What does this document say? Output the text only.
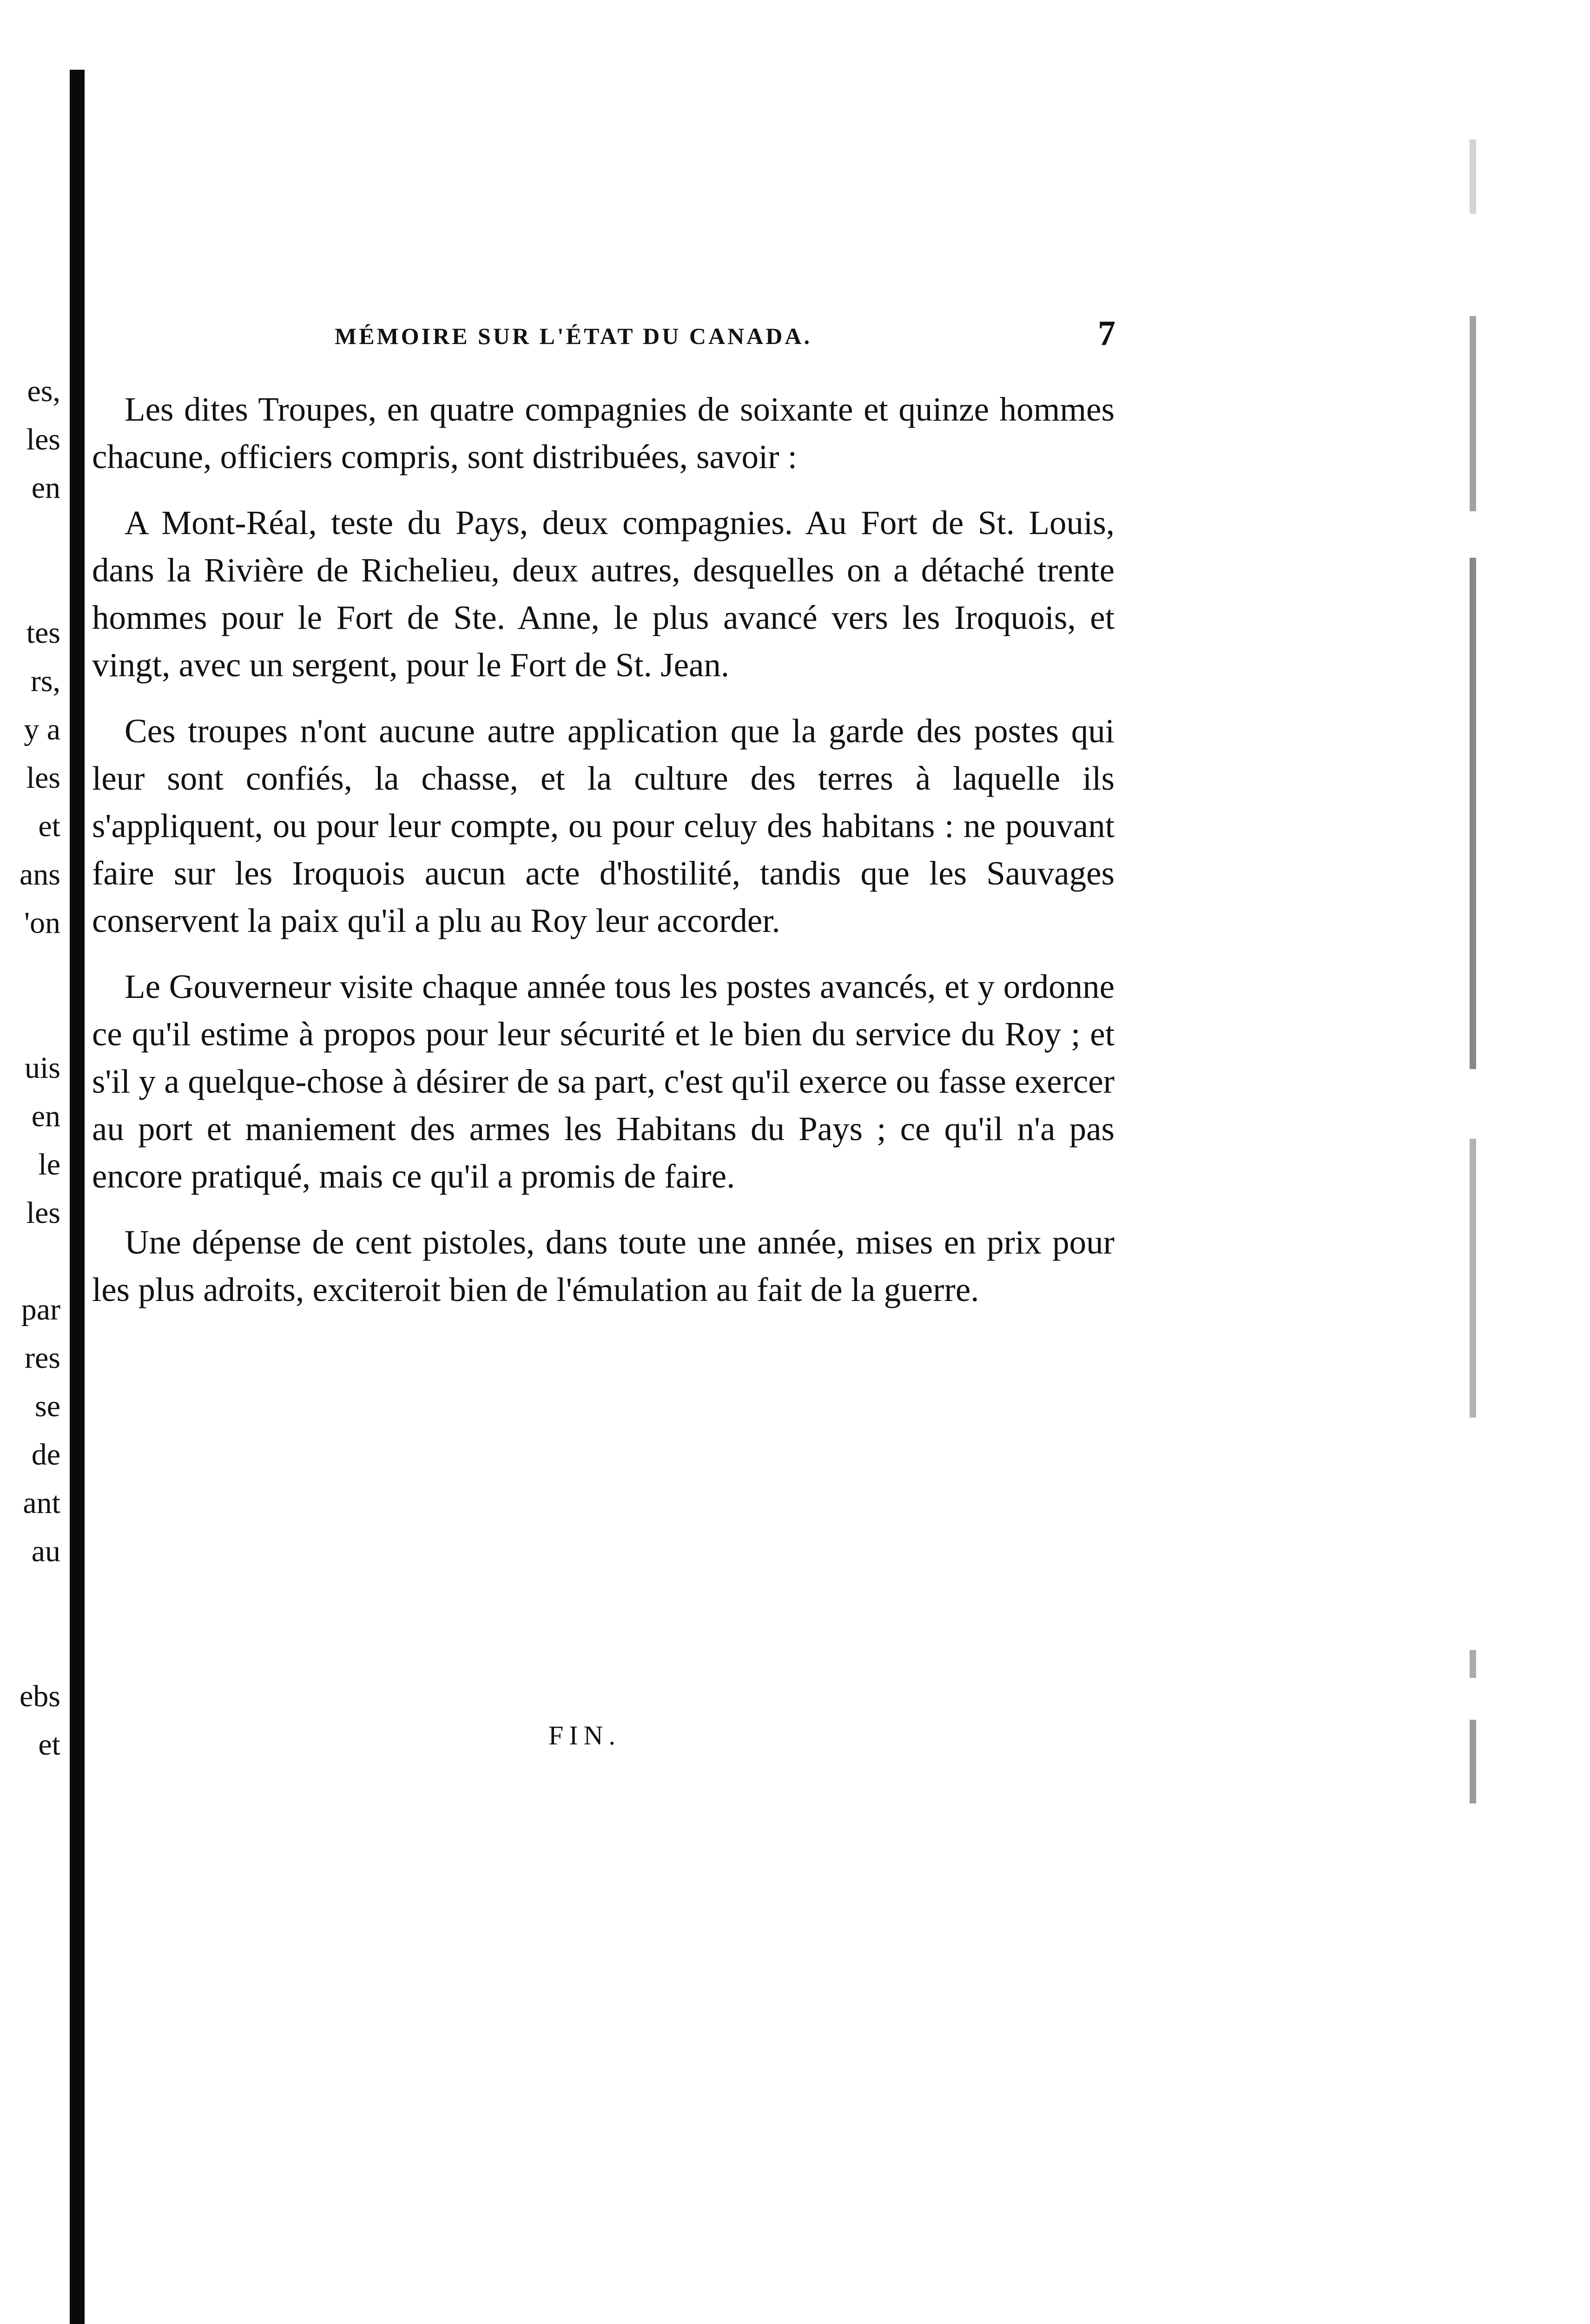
es,
les
en

tes
rs,
y a
les
et
ans
'on

uis
en
le
les

par
res
se
de
ant
au

ebs
et
MÉMOIRE SUR L'ÉTAT DU CANADA.	7

Les dites Troupes, en quatre compagnies de soixante et quinze hommes chacune, officiers compris, sont distribuées, savoir :

A Mont-Réal, teste du Pays, deux compagnies. Au Fort de St. Louis, dans la Rivière de Richelieu, deux autres, desquelles on a détaché trente hommes pour le Fort de Ste. Anne, le plus avancé vers les Iroquois, et vingt, avec un sergent, pour le Fort de St. Jean.

Ces troupes n'ont aucune autre application que la garde des postes qui leur sont confiés, la chasse, et la culture des terres à laquelle ils s'appliquent, ou pour leur compte, ou pour celuy des habitans : ne pouvant faire sur les Iroquois aucun acte d'hostilité, tandis que les Sauvages conservent la paix qu'il a plu au Roy leur accorder.

Le Gouverneur visite chaque année tous les postes avancés, et y ordonne ce qu'il estime à propos pour leur sécurité et le bien du service du Roy ; et s'il y a quelque-chose à désirer de sa part, c'est qu'il exerce ou fasse exercer au port et maniement des armes les Habitans du Pays ; ce qu'il n'a pas encore pratiqué, mais ce qu'il a promis de faire.

Une dépense de cent pistoles, dans toute une année, mises en prix pour les plus adroits, exciteroit bien de l'émulation au fait de la guerre.

FIN.
